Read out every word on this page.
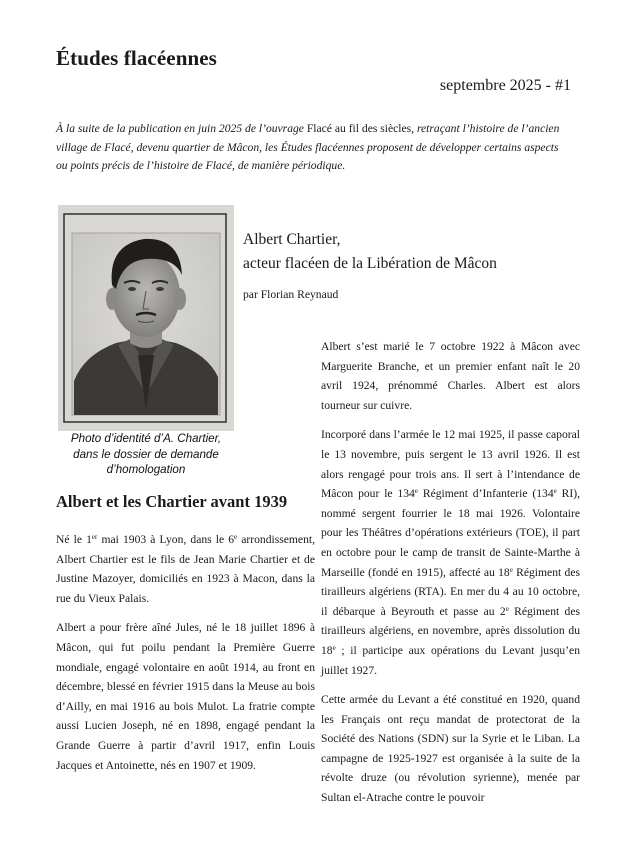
Études flacéennes
septembre 2025 - #1

À la suite de la publication en juin 2025 de l’ouvrage Flacé au fil des siècles, retraçant l’histoire de l’ancien village de Flacé, devenu quartier de Mâcon, les Études flacéennes proposent de développer certains aspects ou points précis de l’histoire de Flacé, de manière périodique.

Photo d’identité d’A. Chartier,
dans le dossier de demande
d’homologation
Albert Chartier,
acteur flacéen de la Libération de Mâcon
par Florian Reynaud

Albert s’est marié le 7 octobre 1922 à Mâcon avec Marguerite Branche, et un premier enfant naît le 20 avril 1924, prénommé Charles. Albert est alors tourneur sur cuivre.

Incorporé dans l’armée le 12 mai 1925, il passe caporal le 13 novembre, puis sergent le 13 avril 1926. Il est alors rengagé pour trois ans. Il sert à l’intendance de Mâcon pour le 134e Régiment d’Infanterie (134e RI), nommé sergent fourrier le 18 mai 1926. Volontaire pour les Théâtres d’opérations extérieurs (TOE), il part en octobre pour le camp de transit de Sainte-Marthe à Marseille (fondé en 1915), affecté au 18e Régiment des tirailleurs algériens (RTA). En mer du 4 au 10 octobre, il débarque à Beyrouth et passe au 2e Régiment des tirailleurs algériens, en novembre, après dissolution du 18e ; il participe aux opérations du Levant jusqu’en juillet 1927.

Cette armée du Levant a été constitué en 1920, quand les Français ont reçu mandat de protectorat de la Société des Nations (SDN) sur la Syrie et le Liban. La campagne de 1925-1927 est organisée à la suite de la révolte druze (ou révolution syrienne), menée par Sultan el-Atrache contre le pouvoir

Albert et les Chartier avant 1939

Né le 1er mai 1903 à Lyon, dans le 6e arrondissement, Albert Chartier est le fils de Jean Marie Chartier et de Justine Mazoyer, domiciliés en 1923 à Macon, dans la rue du Vieux Palais.

Albert a pour frère aîné Jules, né le 18 juillet 1896 à Mâcon, qui fut poilu pendant la Première Guerre mondiale, engagé volontaire en août 1914, au front en décembre, blessé en février 1915 dans la Meuse au bois d’Ailly, en mai 1916 au bois Mulot. La fratrie compte aussi Lucien Joseph, né en 1898, engagé pendant la Grande Guerre à partir d’avril 1917, enfin Louis Jacques et Antoinette, nés en 1907 et 1909.
